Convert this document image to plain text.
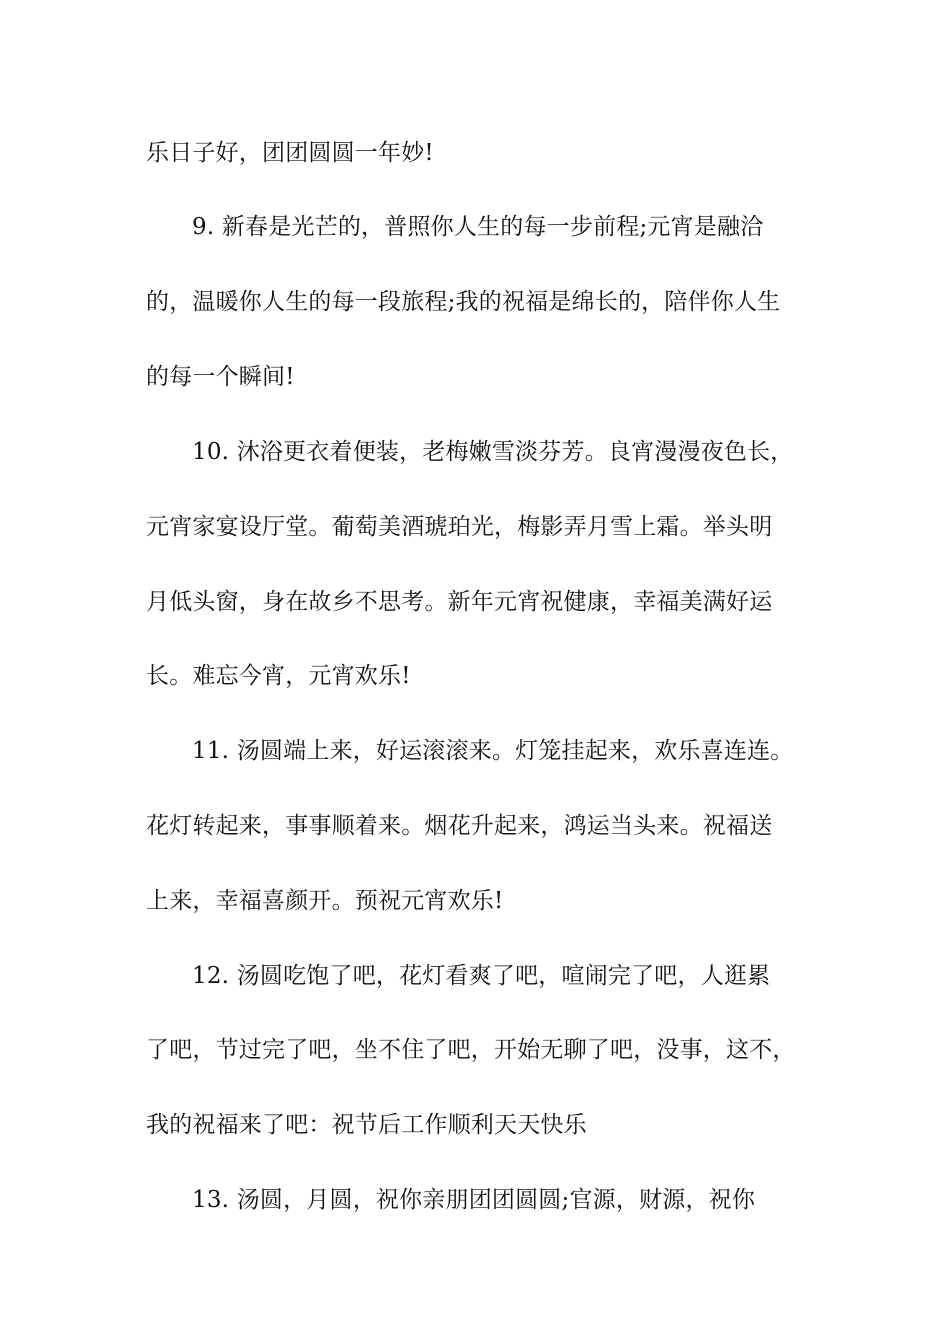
乐日子好，团团圆圆一年妙!
9. 新春是光芒的，普照你人生的每一步前程;元宵是融洽
的，温暖你人生的每一段旅程;我的祝福是绵长的，陪伴你人生
的每一个瞬间!
10. 沐浴更衣着便装，老梅嫩雪淡芬芳。良宵漫漫夜色长，
元宵家宴设厅堂。葡萄美酒琥珀光，梅影弄月雪上霜。举头明
月低头窗，身在故乡不思考。新年元宵祝健康，幸福美满好运
长。难忘今宵，元宵欢乐!
11. 汤圆端上来，好运滚滚来。灯笼挂起来，欢乐喜连连。
花灯转起来，事事顺着来。烟花升起来，鸿运当头来。祝福送
上来，幸福喜颜开。预祝元宵欢乐!
12. 汤圆吃饱了吧，花灯看爽了吧，喧闹完了吧，人逛累
了吧，节过完了吧，坐不住了吧，开始无聊了吧，没事，这不，
我的祝福来了吧：祝节后工作顺利天天快乐
13. 汤圆，月圆，祝你亲朋团团圆圆;官源，财源，祝你
